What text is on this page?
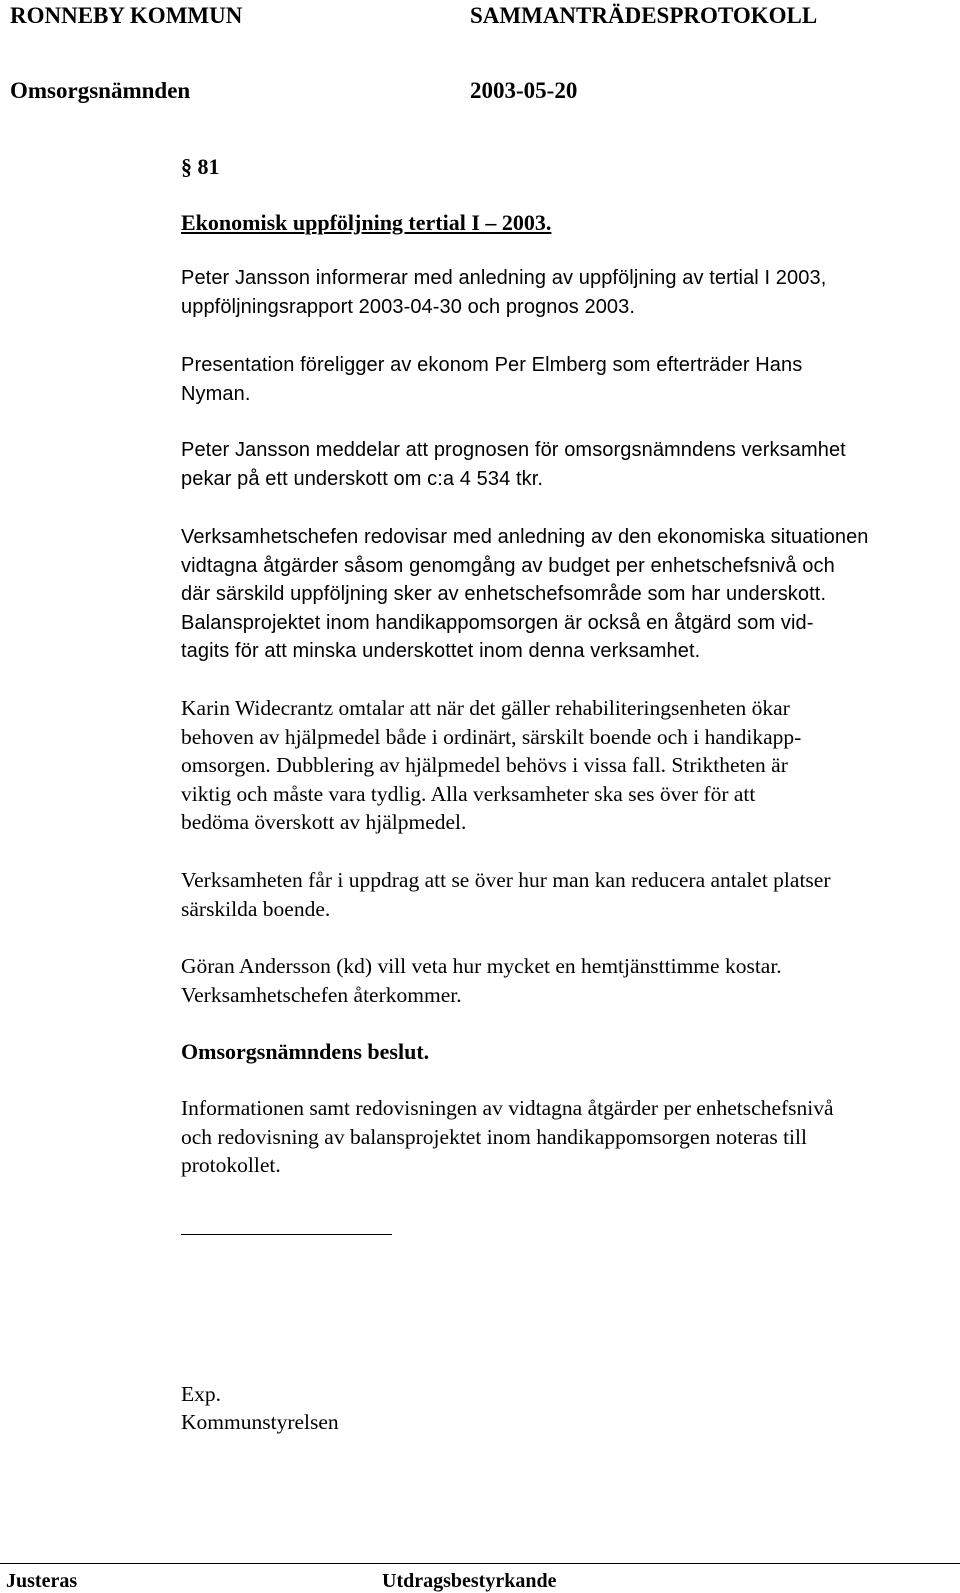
RONNEBY KOMMUN	SAMMANTRÄDESPROTOKOLL
Omsorgsnämnden	2003-05-20
§ 81
Ekonomisk uppföljning tertial I – 2003.

Peter Jansson informerar med anledning av uppföljning av tertial I 2003,
uppföljningsrapport 2003-04-30 och prognos 2003.

Presentation föreligger av ekonom Per Elmberg som efterträder Hans
Nyman.

Peter Jansson meddelar att prognosen för omsorgsnämndens verksamhet
pekar på ett underskott om c:a 4 534 tkr.

Verksamhetschefen redovisar med anledning av den ekonomiska situationen
vidtagna åtgärder såsom genomgång av budget per enhetschefsnivå och
där särskild uppföljning sker av enhetschefsområde som har underskott.
Balansprojektet inom handikappomsorgen är också en åtgärd som vid-
tagits för att minska underskottet inom denna verksamhet.

Karin Widecrantz omtalar att när det gäller rehabiliteringsenheten ökar
behoven av hjälpmedel både i ordinärt, särskilt boende och i handikapp-
omsorgen. Dubblering av hjälpmedel behövs i vissa fall. Striktheten är
viktig och måste vara tydlig. Alla verksamheter ska ses över för att
bedöma överskott av hjälpmedel.

Verksamheten får i uppdrag att se över hur man kan reducera antalet platser
särskilda boende.

Göran Andersson (kd) vill veta hur mycket en hemtjänsttimme kostar.
Verksamhetschefen återkommer.

Omsorgsnämndens beslut.

Informationen samt redovisningen av vidtagna åtgärder per enhetschefsnivå
och redovisning av balansprojektet inom handikappomsorgen noteras till
protokollet.

Exp.
Kommunstyrelsen
Justeras	Utdragsbestyrkande
